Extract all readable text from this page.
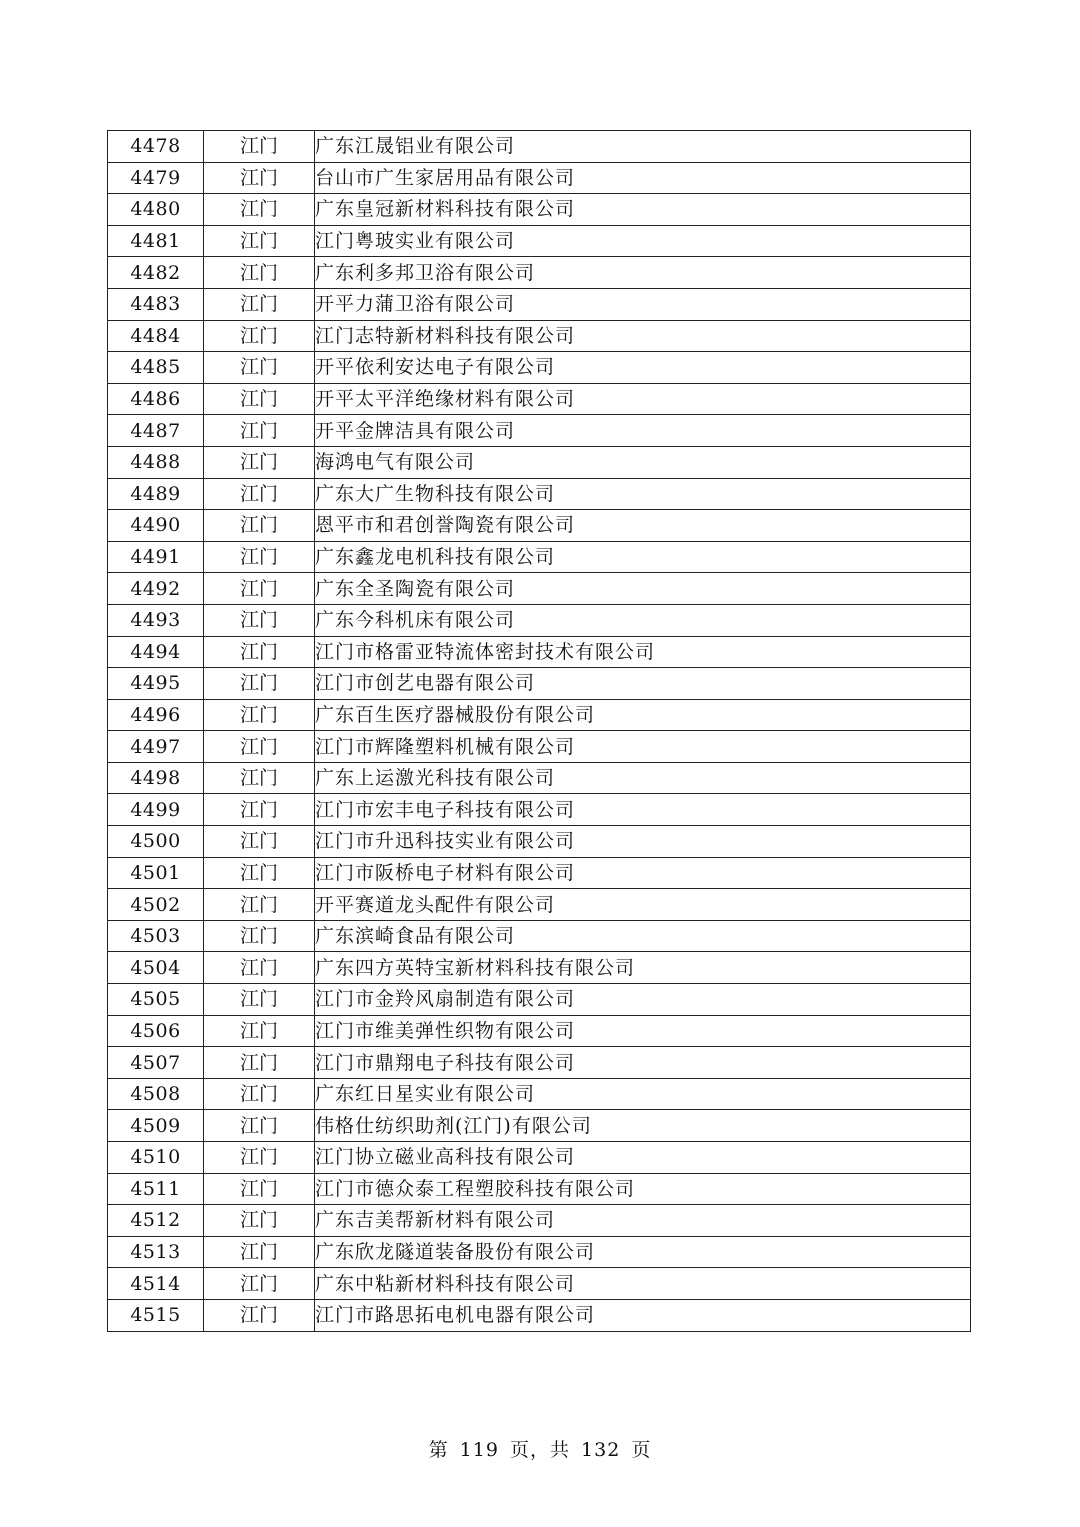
4478	江门	广东江晟铝业有限公司
4479	江门	台山市广生家居用品有限公司
4480	江门	广东皇冠新材料科技有限公司
4481	江门	江门粤玻实业有限公司
4482	江门	广东利多邦卫浴有限公司
4483	江门	开平力蒲卫浴有限公司
4484	江门	江门志特新材料科技有限公司
4485	江门	开平依利安达电子有限公司
4486	江门	开平太平洋绝缘材料有限公司
4487	江门	开平金牌洁具有限公司
4488	江门	海鸿电气有限公司
4489	江门	广东大广生物科技有限公司
4490	江门	恩平市和君创誉陶瓷有限公司
4491	江门	广东鑫龙电机科技有限公司
4492	江门	广东全圣陶瓷有限公司
4493	江门	广东今科机床有限公司
4494	江门	江门市格雷亚特流体密封技术有限公司
4495	江门	江门市创艺电器有限公司
4496	江门	广东百生医疗器械股份有限公司
4497	江门	江门市辉隆塑料机械有限公司
4498	江门	广东上运激光科技有限公司
4499	江门	江门市宏丰电子科技有限公司
4500	江门	江门市升迅科技实业有限公司
4501	江门	江门市阪桥电子材料有限公司
4502	江门	开平赛道龙头配件有限公司
4503	江门	广东滨崎食品有限公司
4504	江门	广东四方英特宝新材料科技有限公司
4505	江门	江门市金羚风扇制造有限公司
4506	江门	江门市维美弹性织物有限公司
4507	江门	江门市鼎翔电子科技有限公司
4508	江门	广东红日星实业有限公司
4509	江门	伟格仕纺织助剂(江门)有限公司
4510	江门	江门协立磁业高科技有限公司
4511	江门	江门市德众泰工程塑胶科技有限公司
4512	江门	广东吉美帮新材料有限公司
4513	江门	广东欣龙隧道装备股份有限公司
4514	江门	广东中粘新材料科技有限公司
4515	江门	江门市路思拓电机电器有限公司
第 119 页，共 132 页
